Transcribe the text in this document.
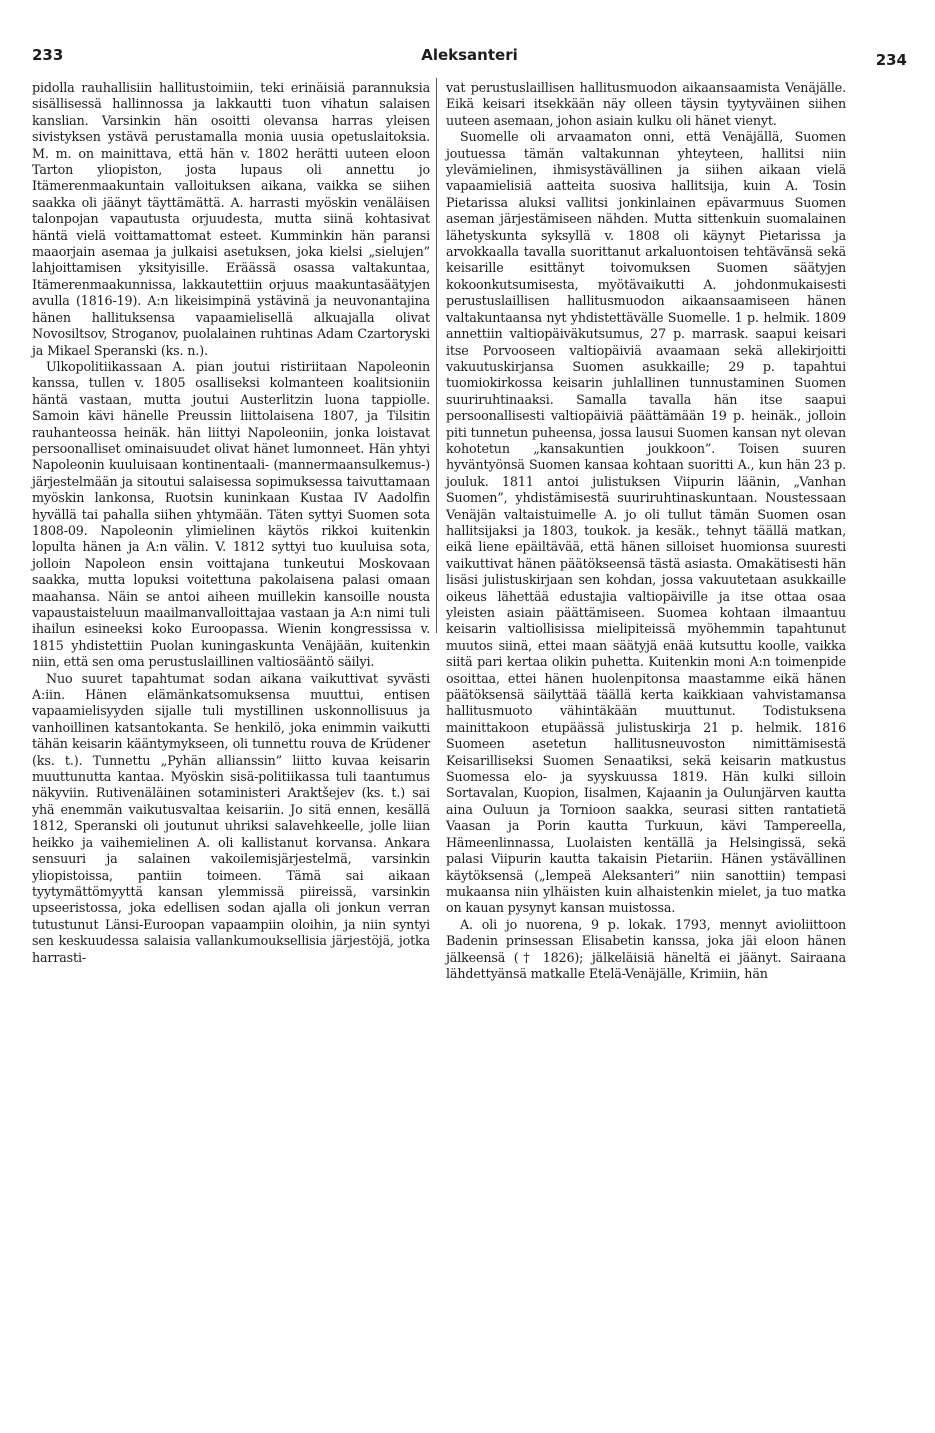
233	Aleksanteri	234

pidolla rauhallisiin hallitustoimiin, teki erinäisiä parannuksia sisällisessä hallinnossa ja lakkautti tuon vihatun salaisen kanslian. Varsinkin hän osoitti olevansa harras yleisen sivistyksen ystävä perustamalla monia uusia opetuslaitoksia. M. m. on mainittava, että hän v. 1802 herätti uuteen eloon Tarton yliopiston, josta lupaus oli annettu jo Itämerenmaakuntain valloituksen aikana, vaikka se siihen saakka oli jäänyt täyttämättä. A. harrasti myöskin venäläisen talonpojan vapautusta orjuudesta, mutta siinä kohtasivat häntä vielä voittamattomat esteet. Kumminkin hän paransi maaorjain asemaa ja julkaisi asetuksen, joka kielsi „sielujen” lahjoittamisen yksityisille. Eräässä osassa valtakuntaa, Itämerenmaakunnissa, lakkautettiin orjuus maakuntasäätyjen avulla (1816-19). A:n likeisimpinä ystävinä ja neuvonantajina hänen hallituksensa vapaamielisellä alkuajalla olivat Novosiltsov, Stroganov, puolalainen ruhtinas Adam Czartoryski ja Mikael Speranski (ks. n.).

Ulkopolitiikassaan A. pian joutui ristiriitaan Napoleonin kanssa, tullen v. 1805 osalliseksi kolmanteen koalitsioniin häntä vastaan, mutta joutui Austerlitzin luona tappiolle. Samoin kävi hänelle Preussin liittolaisena 1807, ja Tilsitin rauhanteossa heinäk. hän liittyi Napoleoniin, jonka loistavat persoonalliset ominaisuudet olivat hänet lumonneet. Hän yhtyi Napoleonin kuuluisaan kontinentaali- (mannermaansulkemus-) järjestelmään ja sitoutui salaisessa sopimuksessa taivuttamaan myöskin lankonsa, Ruotsin kuninkaan Kustaa IV Aadolfin hyvällä tai pahalla siihen yhtymään. Täten syttyi Suomen sota 1808-09. Napoleonin ylimielinen käytös rikkoi kuitenkin lopulta hänen ja A:n välin. V. 1812 syttyi tuo kuuluisa sota, jolloin Napoleon ensin voittajana tunkeutui Moskovaan saakka, mutta lopuksi voitettuna pakolaisena palasi omaan maahansa. Näin se antoi aiheen muillekin kansoille nousta vapaustaisteluun maailmanvalloittajaa vastaan ja A:n nimi tuli ihailun esineeksi koko Euroopassa. Wienin kongressissa v. 1815 yhdistettiin Puolan kuningaskunta Venäjään, kuitenkin niin, että sen oma perustuslaillinen valtiosääntö säilyi.

Nuo suuret tapahtumat sodan aikana vaikuttivat syvästi A:iin. Hänen elämänkatsomuksensa muuttui, entisen vapaamielisyyden sijalle tuli mystillinen uskonnollisuus ja vanhoillinen katsantokanta. Se henkilö, joka enimmin vaikutti tähän keisarin kääntymykseen, oli tunnettu rouva de Krüdener (ks. t.). Tunnettu „Pyhän allianssin” liitto kuvaa keisarin muuttunutta kantaa. Myöskin sisä-politiikassa tuli taantumus näkyviin. Rutivenäläinen sotaministeri Araktšejev (ks. t.) sai yhä enemmän vaikutusvaltaa keisariin. Jo sitä ennen, kesällä 1812, Speranski oli joutunut uhriksi salavehkeelle, jolle liian heikko ja vaihemielinen A. oli kallistanut korvansa. Ankara sensuuri ja salainen vakoilemisjärjestelmä, varsinkin yliopistoissa, pantiin toimeen. Tämä sai aikaan tyytymättömyyttä kansan ylemmissä piireissä, varsinkin upseeristossa, joka edellisen sodan ajalla oli jonkun verran tutustunut Länsi-Euroopan vapaampiin oloihin, ja niin syntyi sen keskuudessa salaisia vallankumouksellisia järjestöjä, jotka harrasti-

vat perustuslaillisen hallitusmuodon aikaansaamista Venäjälle. Eikä keisari itsekkään näy olleen täysin tyytyväinen siihen uuteen asemaan, johon asiain kulku oli hänet vienyt.

Suomelle oli arvaamaton onni, että Venäjällä, Suomen joutuessa tämän valtakunnan yhteyteen, hallitsi niin ylevämielinen, ihmisystävällinen ja siihen aikaan vielä vapaamielisiä aatteita suosiva hallitsija, kuin A. Tosin Pietarissa aluksi vallitsi jonkinlainen epävarmuus Suomen aseman järjestämiseen nähden. Mutta sittenkuin suomalainen lähetyskunta syksyllä v. 1808 oli käynyt Pietarissa ja arvokkaalla tavalla suorittanut arkaluontoisen tehtävänsä sekä keisarille esittänyt toivomuksen Suomen säätyjen kokoonkutsumisesta, myötävaikutti A. johdonmukaisesti perustuslaillisen hallitusmuodon aikaansaamiseen hänen valtakuntaansa nyt yhdistettävälle Suomelle. 1 p. helmik. 1809 annettiin valtiopäiväkutsumus, 27 p. marrask. saapui keisari itse Porvooseen valtiopäiviä avaamaan sekä allekirjoitti vakuutuskirjansa Suomen asukkaille; 29 p. tapahtui tuomiokirkossa keisarin juhlallinen tunnustaminen Suomen suuriruhtinaaksi. Samalla tavalla hän itse saapui persoonallisesti valtiopäiviä päättämään 19 p. heinäk., jolloin piti tunnetun puheensa, jossa lausui Suomen kansan nyt olevan kohotetun „kansakuntien joukkoon”. Toisen suuren hyväntyönsä Suomen kansaa kohtaan suoritti A., kun hän 23 p. jouluk. 1811 antoi julistuksen Viipurin läänin, „Vanhan Suomen”, yhdistämisestä suuriruhtinaskuntaan. Noustessaan Venäjän valtaistuimelle A. jo oli tullut tämän Suomen osan hallitsijaksi ja 1803, toukok. ja kesäk., tehnyt täällä matkan, eikä liene epäiltävää, että hänen silloiset huomionsa suuresti vaikuttivat hänen päätökseensä tästä asiasta. Omakätisesti hän lisäsi julistuskirjaan sen kohdan, jossa vakuutetaan asukkaille oikeus lähettää edustajia valtiopäiville ja itse ottaa osaa yleisten asiain päättämiseen. Suomea kohtaan ilmaantuu keisarin valtiollisissa mielipiteissä myöhemmin tapahtunut muutos siinä, ettei maan säätyjä enää kutsuttu koolle, vaikka siitä pari kertaa olikin puhetta. Kuitenkin moni A:n toimenpide osoittaa, ettei hänen huolenpitonsa maastamme eikä hänen päätöksensä säilyttää täällä kerta kaikkiaan vahvistamansa hallitusmuoto vähintäkään muuttunut. Todistuksena mainittakoon etupäässä julistuskirja 21 p. helmik. 1816 Suomeen asetetun hallitusneuvoston nimittämisestä Keisarilliseksi Suomen Senaatiksi, sekä keisarin matkustus Suomessa elo- ja syyskuussa 1819. Hän kulki silloin Sortavalan, Kuopion, Iisalmen, Kajaanin ja Oulunjärven kautta aina Ouluun ja Tornioon saakka, seurasi sitten rantatietä Vaasan ja Porin kautta Turkuun, kävi Tampereella, Hämeenlinnassa, Luolaisten kentällä ja Helsingissä, sekä palasi Viipurin kautta takaisin Pietariin. Hänen ystävällinen käytöksensä („lempeä Aleksanteri” niin sanottiin) tempasi mukaansa niin ylhäisten kuin alhaistenkin mielet, ja tuo matka on kauan pysynyt kansan muistossa.

A. oli jo nuorena, 9 p. lokak. 1793, mennyt avioliittoon Badenin prinsessan Elisabetin kanssa, joka jäi eloon hänen jälkeensä († 1826); jälkeläisiä häneltä ei jäänyt. Sairaana lähdettyänsä matkalle Etelä-Venäjälle, Krimiin, hän
